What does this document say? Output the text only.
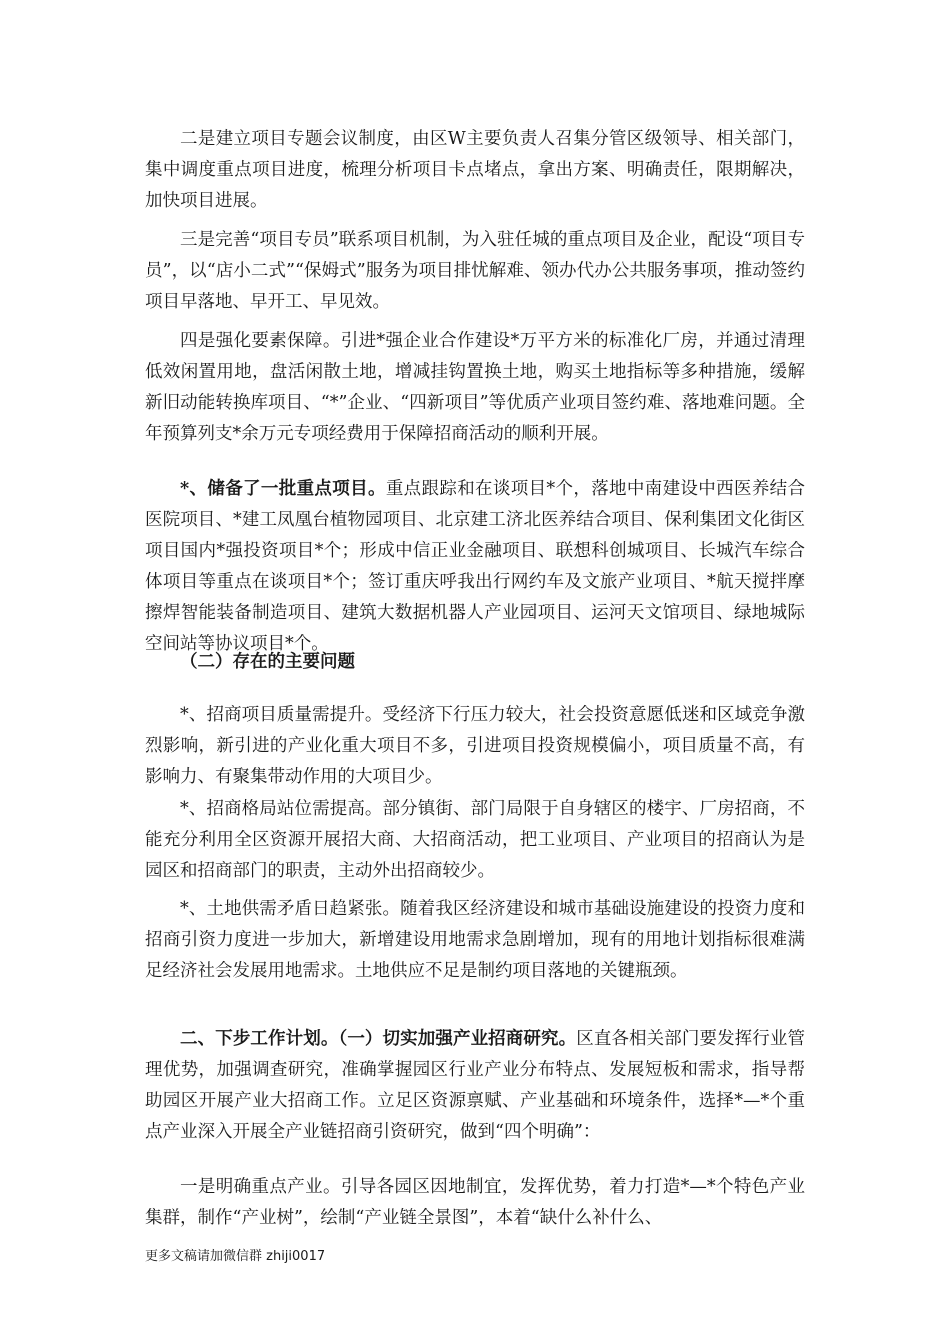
二是建立项目专题会议制度，由区W主要负责人召集分管区级领导、相关部门，集中调度重点项目进度，梳理分析项目卡点堵点，拿出方案、明确责任，限期解决，加快项目进展。

三是完善“项目专员”联系项目机制，为入驻任城的重点项目及企业，配设“项目专员”，以“店小二式”“保姆式”服务为项目排忧解难、领办代办公共服务事项，推动签约项目早落地、早开工、早见效。

四是强化要素保障。引进*强企业合作建设*万平方米的标准化厂房，并通过清理低效闲置用地，盘活闲散土地，增减挂钩置换土地，购买土地指标等多种措施，缓解新旧动能转换库项目、“*”企业、“四新项目”等优质产业项目签约难、落地难问题。全年预算列支*余万元专项经费用于保障招商活动的顺利开展。

*、储备了一批重点项目。重点跟踪和在谈项目*个，落地中南建设中西医养结合医院项目、*建工凤凰台植物园项目、北京建工济北医养结合项目、保利集团文化街区项目国内*强投资项目*个；形成中信正业金融项目、联想科创城项目、长城汽车综合体项目等重点在谈项目*个；签订重庆呼我出行网约车及文旅产业项目、*航天搅拌摩擦焊智能装备制造项目、建筑大数据机器人产业园项目、运河天文馆项目、绿地城际空间站等协议项目*个。

（二）存在的主要问题

*、招商项目质量需提升。受经济下行压力较大，社会投资意愿低迷和区域竞争激烈影响，新引进的产业化重大项目不多，引进项目投资规模偏小，项目质量不高，有影响力、有聚集带动作用的大项目少。

*、招商格局站位需提高。部分镇街、部门局限于自身辖区的楼宇、厂房招商，不能充分利用全区资源开展招大商、大招商活动，把工业项目、产业项目的招商认为是园区和招商部门的职责，主动外出招商较少。

*、土地供需矛盾日趋紧张。随着我区经济建设和城市基础设施建设的投资力度和招商引资力度进一步加大，新增建设用地需求急剧增加，现有的用地计划指标很难满足经济社会发展用地需求。土地供应不足是制约项目落地的关键瓶颈。

二、下步工作计划。（一）切实加强产业招商研究。区直各相关部门要发挥行业管理优势，加强调查研究，准确掌握园区行业产业分布特点、发展短板和需求，指导帮助园区开展产业大招商工作。立足区资源禀赋、产业基础和环境条件，选择*—*个重点产业深入开展全产业链招商引资研究，做到“四个明确”：

一是明确重点产业。引导各园区因地制宜，发挥优势，着力打造*—*个特色产业集群，制作“产业树”，绘制“产业链全景图”，本着“缺什么补什么、

更多文稿请加微信群 zhiji0017
